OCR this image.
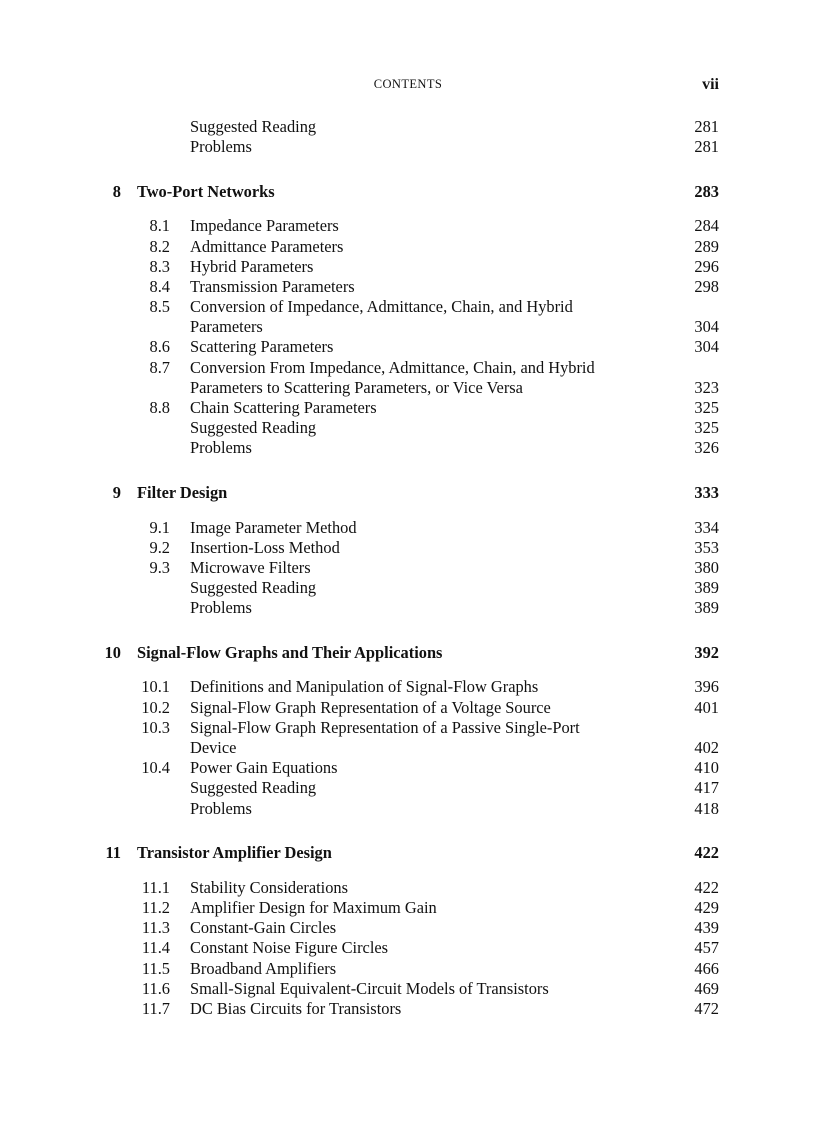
CONTENTS	vii
Suggested Reading	281
Problems	281
8 Two-Port Networks	283
8.1 Impedance Parameters	284
8.2 Admittance Parameters	289
8.3 Hybrid Parameters	296
8.4 Transmission Parameters	298
8.5 Conversion of Impedance, Admittance, Chain, and Hybrid
Parameters	304
8.6 Scattering Parameters	304
8.7 Conversion From Impedance, Admittance, Chain, and Hybrid
Parameters to Scattering Parameters, or Vice Versa	323
8.8 Chain Scattering Parameters	325
Suggested Reading	325
Problems	326
9 Filter Design	333
9.1 Image Parameter Method	334
9.2 Insertion-Loss Method	353
9.3 Microwave Filters	380
Suggested Reading	389
Problems	389
10 Signal-Flow Graphs and Their Applications	392
10.1 Definitions and Manipulation of Signal-Flow Graphs	396
10.2 Signal-Flow Graph Representation of a Voltage Source	401
10.3 Signal-Flow Graph Representation of a Passive Single-Port
Device	402
10.4 Power Gain Equations	410
Suggested Reading	417
Problems	418
11 Transistor Amplifier Design	422
11.1 Stability Considerations	422
11.2 Amplifier Design for Maximum Gain	429
11.3 Constant-Gain Circles	439
11.4 Constant Noise Figure Circles	457
11.5 Broadband Amplifiers	466
11.6 Small-Signal Equivalent-Circuit Models of Transistors	469
11.7 DC Bias Circuits for Transistors	472
